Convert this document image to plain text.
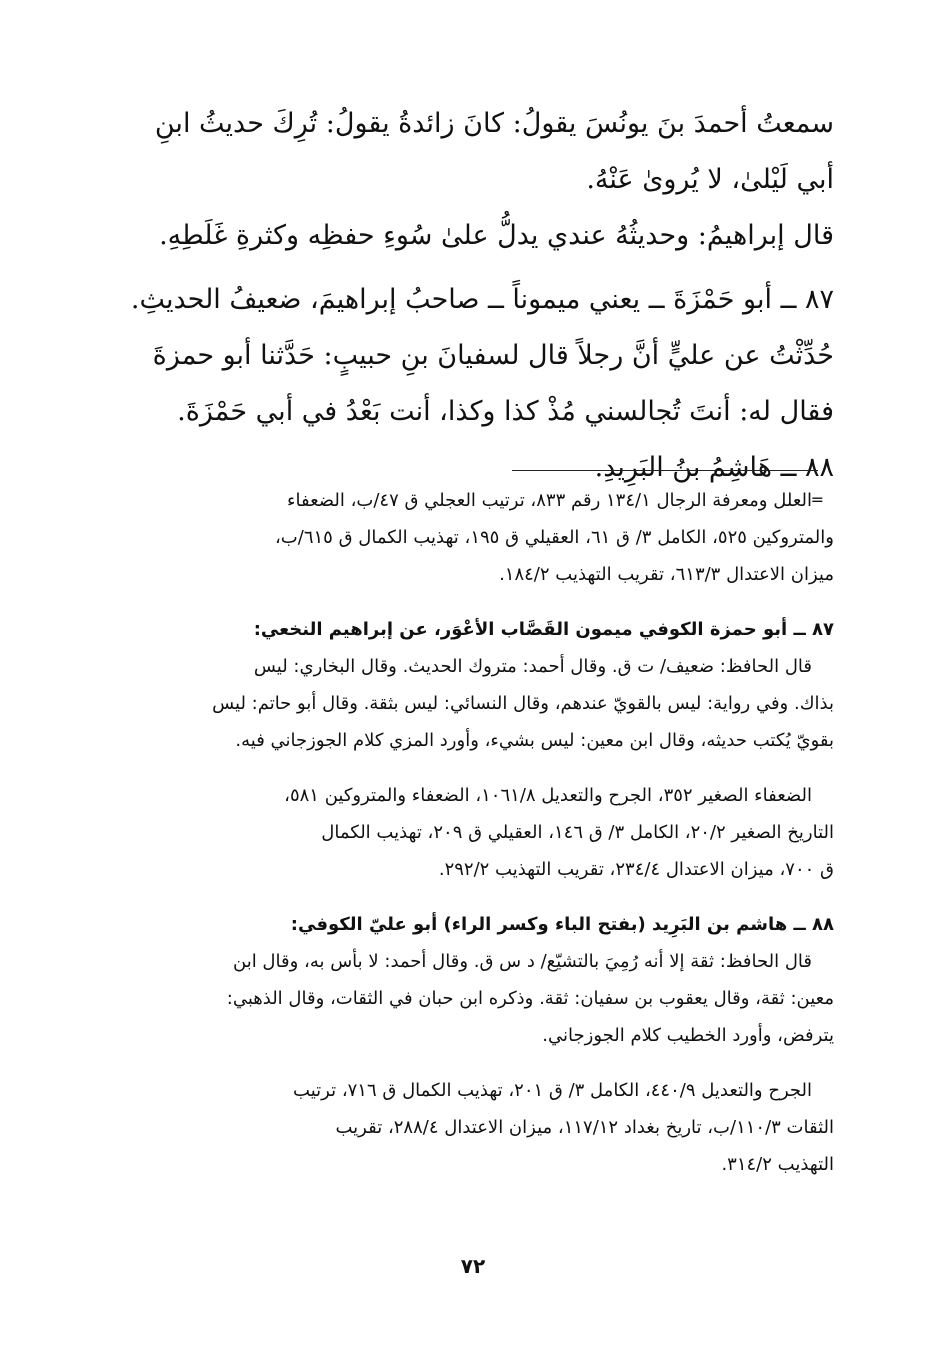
سمعتُ أحمدَ بنَ يونُسَ يقولُ: كانَ زائدةُ يقولُ: تُرِكَ حديثُ ابنِ

أبي لَيْلىٰ، لا يُروىٰ عَنْهُ.

قال إبراهيمُ: وحديثُهُ عندي يدلُّ علىٰ سُوءِ حفظِه وكثرةِ غَلَطِهِ.

٨٧ ــ أبو حَمْزَةَ ــ يعني ميموناً ــ صاحبُ إبراهيمَ، ضعيفُ الحديثِ.

حُدِّثْتُ عن عليٍّ أنَّ رجلاً قال لسفيانَ بنِ حبيبٍ: حَدَّثنا أبو حمزةَ

فقال له: أنتَ تُجالسني مُذْ كذا وكذا، أنت بَعْدُ في أبي حَمْزَةَ.

٨٨ ــ هَاشِمُ بنُ البَرِيدِ.

=

العلل ومعرفة الرجال ١٣٤/١ رقم ٨٣٣، ترتيب العجلي ق ٤٧/ب، الضعفاء

والمتروكين ٥٢٥، الكامل ٣/ ق ٦١، العقيلي ق ١٩٥، تهذيب الكمال ق ٦١٥/ب،

ميزان الاعتدال ٦١٣/٣، تقريب التهذيب ١٨٤/٢.

٨٧ ــ أبو حمزة الكوفي ميمون القَصَّاب الأعْوَر، عن إبراهيم النخعي:

قال الحافظ: ضعيف/ ت ق. وقال أحمد: متروك الحديث. وقال البخاري: ليس

بذاك. وفي رواية: ليس بالقويّ عندهم، وقال النسائي: ليس بثقة. وقال أبو حاتم: ليس

بقويّ يُكتب حديثه، وقال ابن معين: ليس بشيء، وأورد المزي كلام الجوزجاني فيه.

الضعفاء الصغير ٣٥٢، الجرح والتعديل ١٠٦١/٨، الضعفاء والمتروكين ٥٨١،

التاريخ الصغير ٢٠/٢، الكامل ٣/ ق ١٤٦، العقيلي ق ٢٠٩، تهذيب الكمال

ق ٧٠٠، ميزان الاعتدال ٢٣٤/٤، تقريب التهذيب ٢٩٢/٢.

٨٨ ــ هاشم بن البَرِيد (بفتح الباء وكسر الراء) أبو عليّ الكوفي:

قال الحافظ: ثقة إلا أنه رُمِيَ بالتشيّع/ د س ق. وقال أحمد: لا بأس به، وقال ابن

معين: ثقة، وقال يعقوب بن سفيان: ثقة. وذكره ابن حبان في الثقات، وقال الذهبي:

يترفض، وأورد الخطيب كلام الجوزجاني.

الجرح والتعديل ٤٤٠/٩، الكامل ٣/ ق ٢٠١، تهذيب الكمال ق ٧١٦، ترتيب

الثقات ١١٠/٣/ب، تاريخ بغداد ١١٧/١٢، ميزان الاعتدال ٢٨٨/٤، تقريب

التهذيب ٣١٤/٢.

٧٢
